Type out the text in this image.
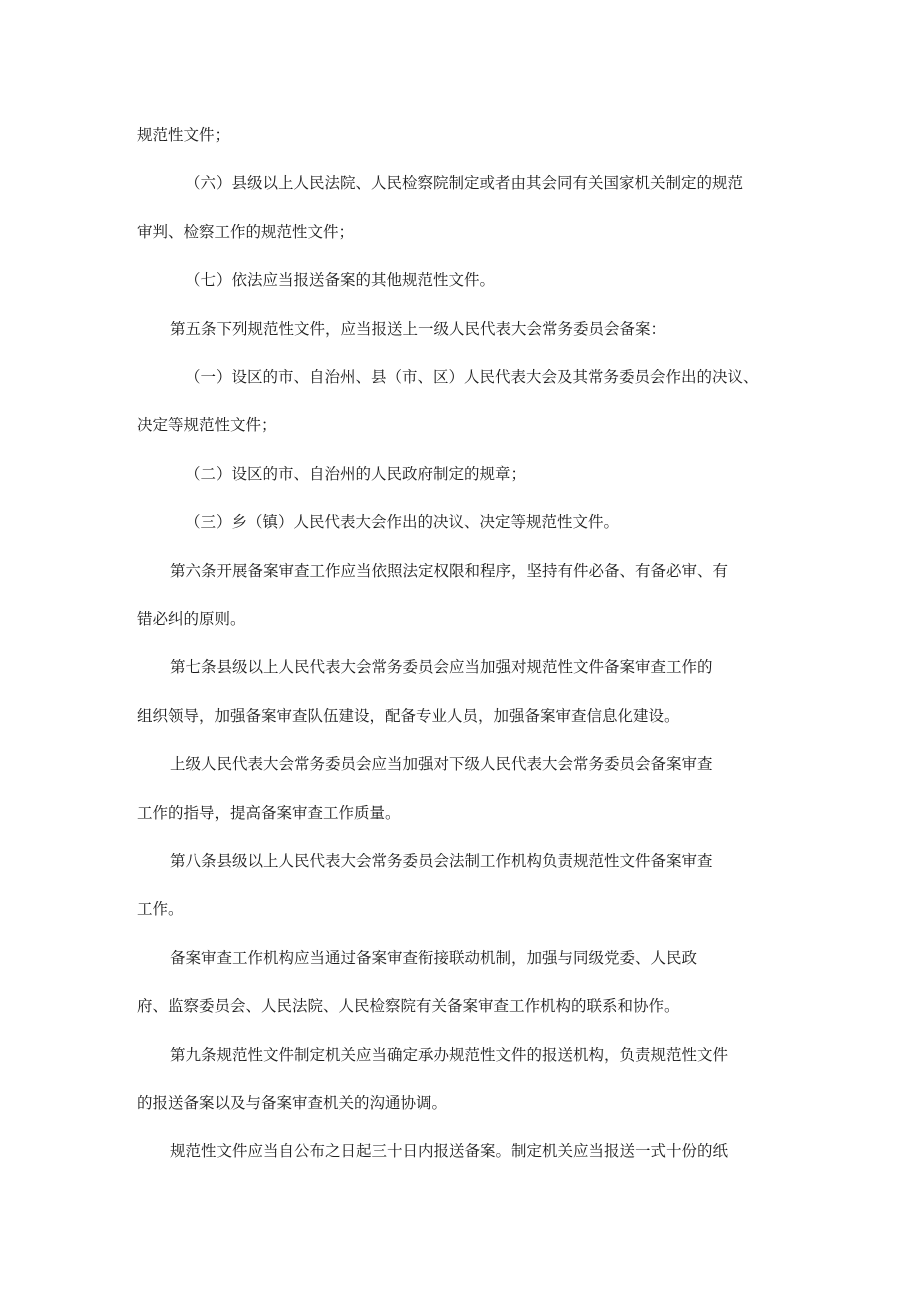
规范性文件；

（六）县级以上人民法院、人民检察院制定或者由其会同有关国家机关制定的规范

审判、检察工作的规范性文件；

（七）依法应当报送备案的其他规范性文件。

第五条下列规范性文件，应当报送上一级人民代表大会常务委员会备案：

（一）设区的市、自治州、县（市、区）人民代表大会及其常务委员会作出的决议、

决定等规范性文件；

（二）设区的市、自治州的人民政府制定的规章；

（三）乡（镇）人民代表大会作出的决议、决定等规范性文件。

第六条开展备案审查工作应当依照法定权限和程序，坚持有件必备、有备必审、有

错必纠的原则。

第七条县级以上人民代表大会常务委员会应当加强对规范性文件备案审查工作的

组织领导，加强备案审查队伍建设，配备专业人员，加强备案审查信息化建设。

上级人民代表大会常务委员会应当加强对下级人民代表大会常务委员会备案审查

工作的指导，提高备案审查工作质量。

第八条县级以上人民代表大会常务委员会法制工作机构负责规范性文件备案审查

工作。

备案审查工作机构应当通过备案审查衔接联动机制，加强与同级党委、人民政

府、监察委员会、人民法院、人民检察院有关备案审查工作机构的联系和协作。

第九条规范性文件制定机关应当确定承办规范性文件的报送机构，负责规范性文件

的报送备案以及与备案审查机关的沟通协调。

规范性文件应当自公布之日起三十日内报送备案。制定机关应当报送一式十份的纸
